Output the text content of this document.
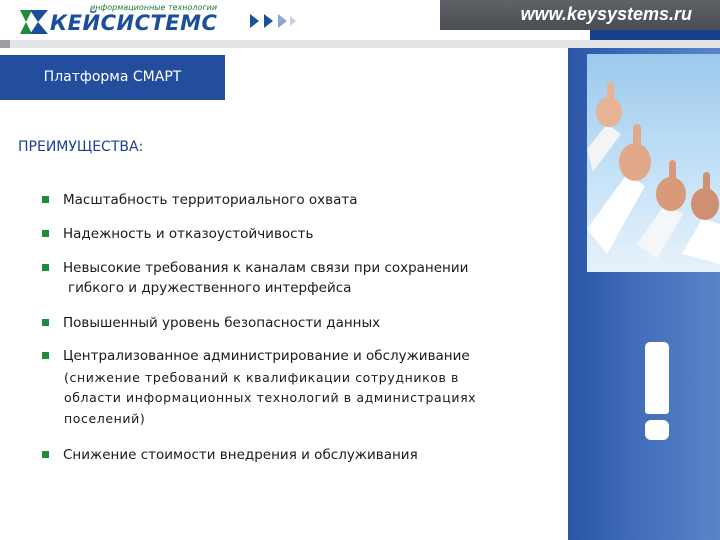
информационные технологии
КЕЙСИСТЕМС	www.keysystems.ru
Платформа СМАРТ
ПРЕИМУЩЕСТВА:
Масштабность территориального охвата
Надежность и отказоустойчивость
Невысокие требования к каналам связи при сохранении
гибкого и дружественного интерфейса
Повышенный уровень безопасности данных
Централизованное администрирование и обслуживание
(снижение требований к квалификации сотрудников в
области информационных технологий в администрациях
поселений)
Снижение стоимости внедрения и обслуживания
